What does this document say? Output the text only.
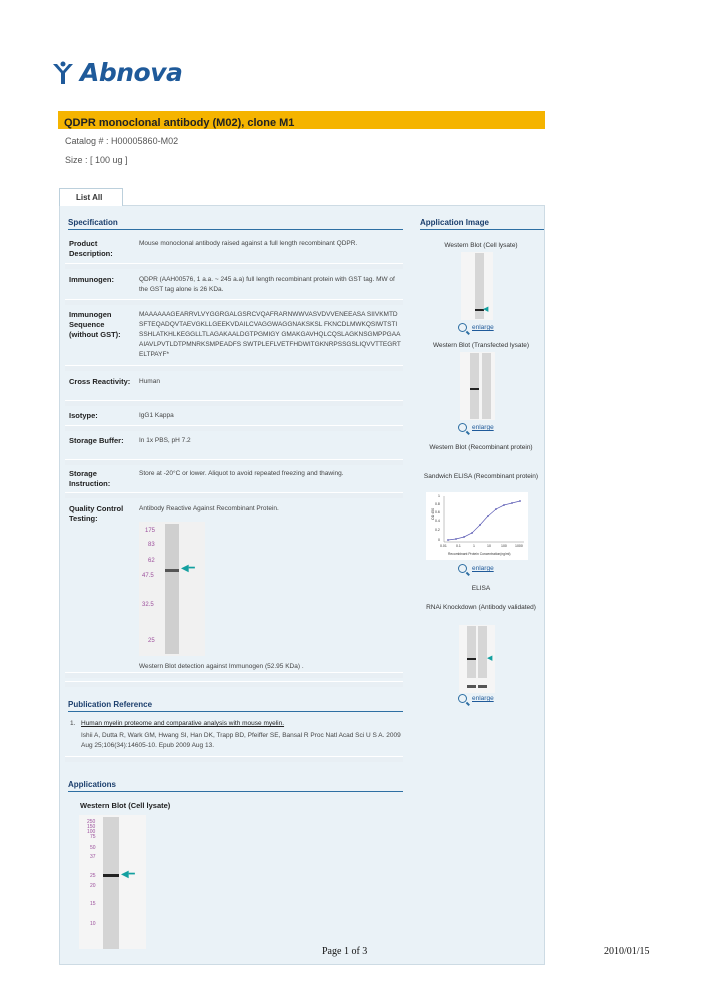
Abnova
QDPR monoclonal antibody (M02), clone M1
Catalog # : H00005860-M02
Size : [ 100 ug ]
List All
Specification
Product Description:
Mouse monoclonal antibody raised against a full length recombinant QDPR.
Immunogen:	QDPR (AAH00576, 1 a.a. ~ 245 a.a) full length recombinant protein with GST tag. MW of the GST tag alone is 26 KDa.
Immunogen Sequence (without GST):
MAAAAAAGEARRVLVYGGRGALGSRCVQAFRARNWWVASVDVVENEEASA SIIVKMTDSFTEQADQVTAEVGKLLGEEKVDAILCVAGGWAGGNAKSKSL FKNCDLMWKQSIWTSTISSHLATKHLKEGGLLTLAGAKAALDGTPGMIGY GMAKGAVHQLCQSLAGKNSGMPPGAAAIAVLPVTLDTPMNRKSMPEADFS SWTPLEFLVETFHDWITGKNRPSSGSLIQVVTTEGRTELTPAYF*
Cross Reactivity:	Human
Isotype:	IgG1 Kappa
Storage Buffer:	In 1x PBS, pH 7.2
Storage Instruction:
Store at -20°C or lower. Aliquot to avoid repeated freezing and thawing.
Quality Control Testing:
Antibody Reactive Against Recombinant Protein.
175
83
62
47.5
32.5
25
◀━
Western Blot detection against Immunogen (52.95 KDa) .
Publication Reference
1. Human myelin proteome and comparative analysis with mouse myelin.
Ishii A, Dutta R, Wark GM, Hwang SI, Han DK, Trapp BD, Pfeiffer SE, Bansal R Proc Natl Acad Sci U S A. 2009 Aug 25;106(34):14605-10. Epub 2009 Aug 13.
Applications
Western Blot (Cell lysate)
250
150
100
75
50
37
25
20
15
10
◀━
Application Image
Western Blot (Cell lysate)
◀
enlarge
Western Blot (Transfected lysate)
enlarge
Western Blot (Recombinant protein)
Sandwich ELISA (Recombinant protein)
OD 450
1
0.8
0.6
0.4
0.2
0
0.01	0.1	1	10	100 1000
Recombinant Protein Concentration(ng/ml)
enlarge
ELISA
RNAi Knockdown (Antibody validated)
◀
enlarge
Page 1 of 3	2010/01/15
